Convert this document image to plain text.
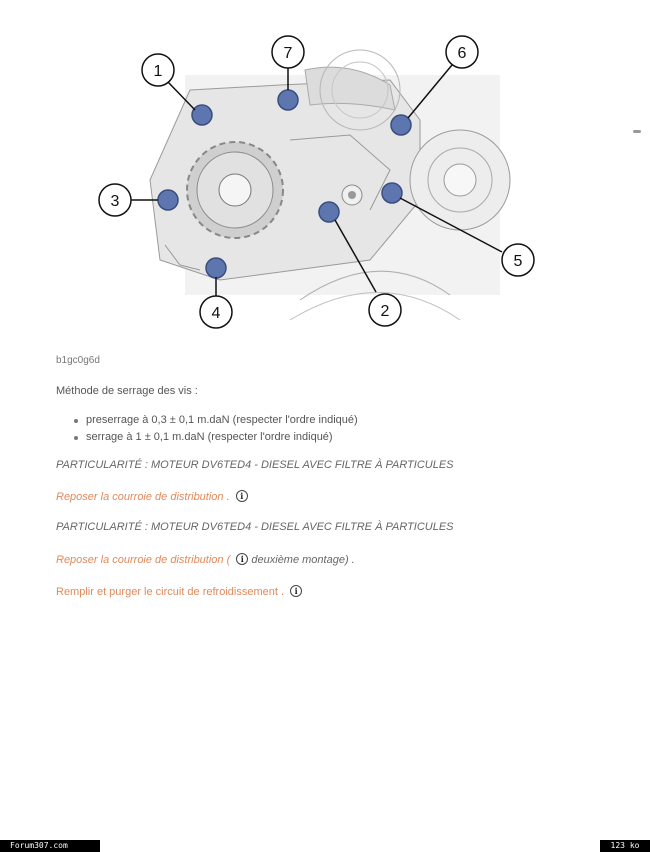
1
2
3
4
5
6
7
b1gc0g6d
Méthode de serrage des vis :
preserrage à 0,3 ± 0,1 m.daN (respecter l'ordre indiqué)
serrage à 1 ± 0,1 m.daN (respecter l'ordre indiqué)
PARTICULARITÉ : MOTEUR DV6TED4 - DIESEL AVEC FILTRE À PARTICULES
Reposer la courroie de distribution . i
PARTICULARITÉ : MOTEUR DV6TED4 - DIESEL AVEC FILTRE À PARTICULES
Reposer la courroie de distribution ( i deuxième montage) .
Remplir et purger le circuit de refroidissement . i
Forum307.com	123 ko
